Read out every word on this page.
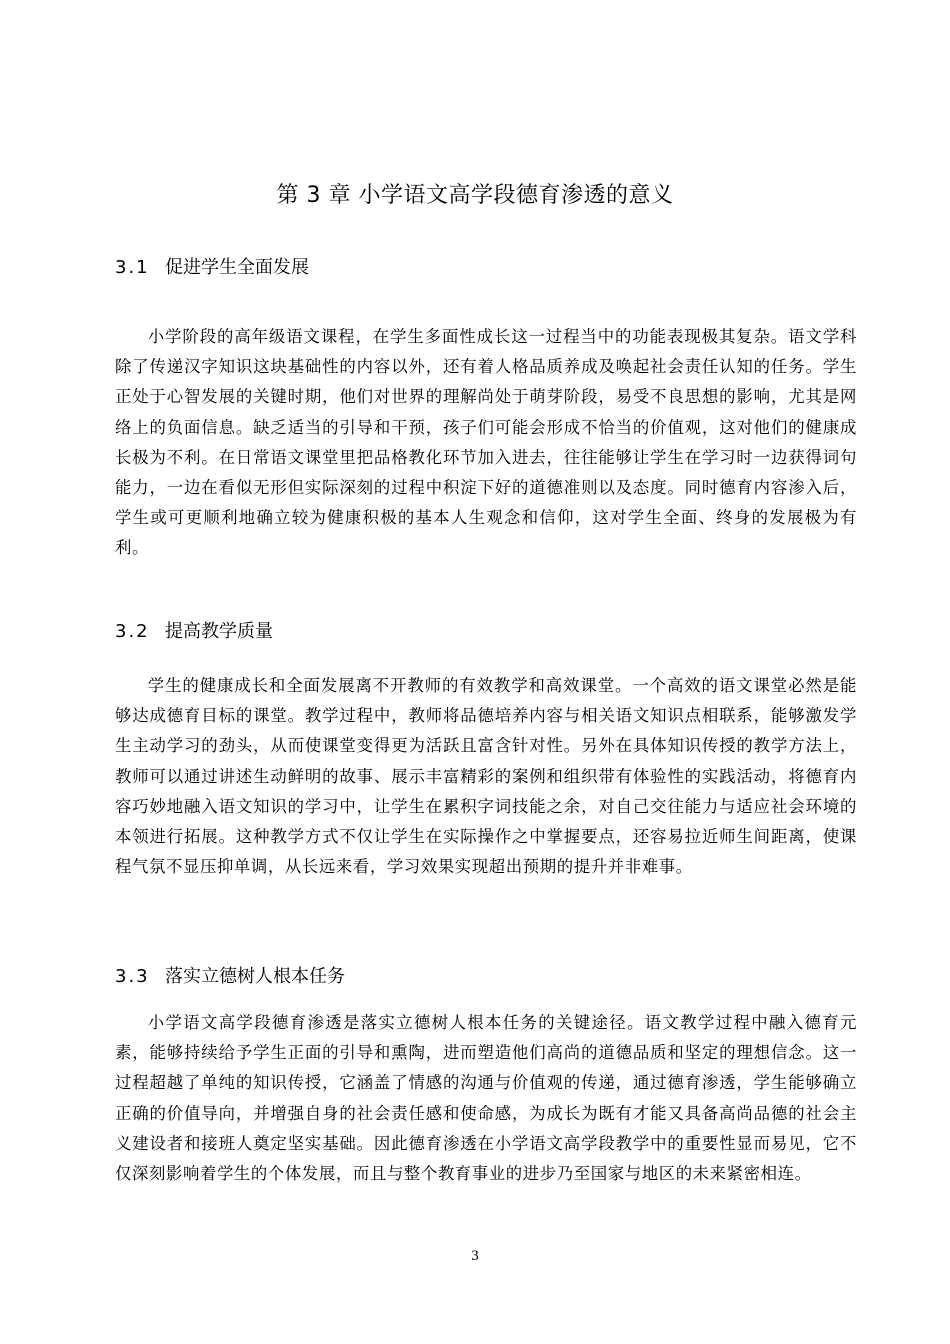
第 3 章 小学语文高学段德育渗透的意义
3.1 促进学生全面发展

小学阶段的高年级语文课程，在学生多面性成长这一过程当中的功能表现极其复杂。语文学科除了传递汉字知识这块基础性的内容以外，还有着人格品质养成及唤起社会责任认知的任务。学生正处于心智发展的关键时期，他们对世界的理解尚处于萌芽阶段，易受不良思想的影响，尤其是网络上的负面信息。缺乏适当的引导和干预，孩子们可能会形成不恰当的价值观，这对他们的健康成长极为不利。在日常语文课堂里把品格教化环节加入进去，往往能够让学生在学习时一边获得词句能力，一边在看似无形但实际深刻的过程中积淀下好的道德准则以及态度。同时德育内容渗入后，学生或可更顺利地确立较为健康积极的基本人生观念和信仰，这对学生全面、终身的发展极为有利。

3.2 提高教学质量

学生的健康成长和全面发展离不开教师的有效教学和高效课堂。一个高效的语文课堂必然是能够达成德育目标的课堂。教学过程中，教师将品德培养内容与相关语文知识点相联系，能够激发学生主动学习的劲头，从而使课堂变得更为活跃且富含针对性。另外在具体知识传授的教学方法上，教师可以通过讲述生动鲜明的故事、展示丰富精彩的案例和组织带有体验性的实践活动，将德育内容巧妙地融入语文知识的学习中，让学生在累积字词技能之余，对自己交往能力与适应社会环境的本领进行拓展。这种教学方式不仅让学生在实际操作之中掌握要点，还容易拉近师生间距离，使课程气氛不显压抑单调，从长远来看，学习效果实现超出预期的提升并非难事。

3.3 落实立德树人根本任务

小学语文高学段德育渗透是落实立德树人根本任务的关键途径。语文教学过程中融入德育元素，能够持续给予学生正面的引导和熏陶，进而塑造他们高尚的道德品质和坚定的理想信念。这一过程超越了单纯的知识传授，它涵盖了情感的沟通与价值观的传递，通过德育渗透，学生能够确立正确的价值导向，并增强自身的社会责任感和使命感，为成长为既有才能又具备高尚品德的社会主义建设者和接班人奠定坚实基础。因此德育渗透在小学语文高学段教学中的重要性显而易见，它不仅深刻影响着学生的个体发展，而且与整个教育事业的进步乃至国家与地区的未来紧密相连。

3
